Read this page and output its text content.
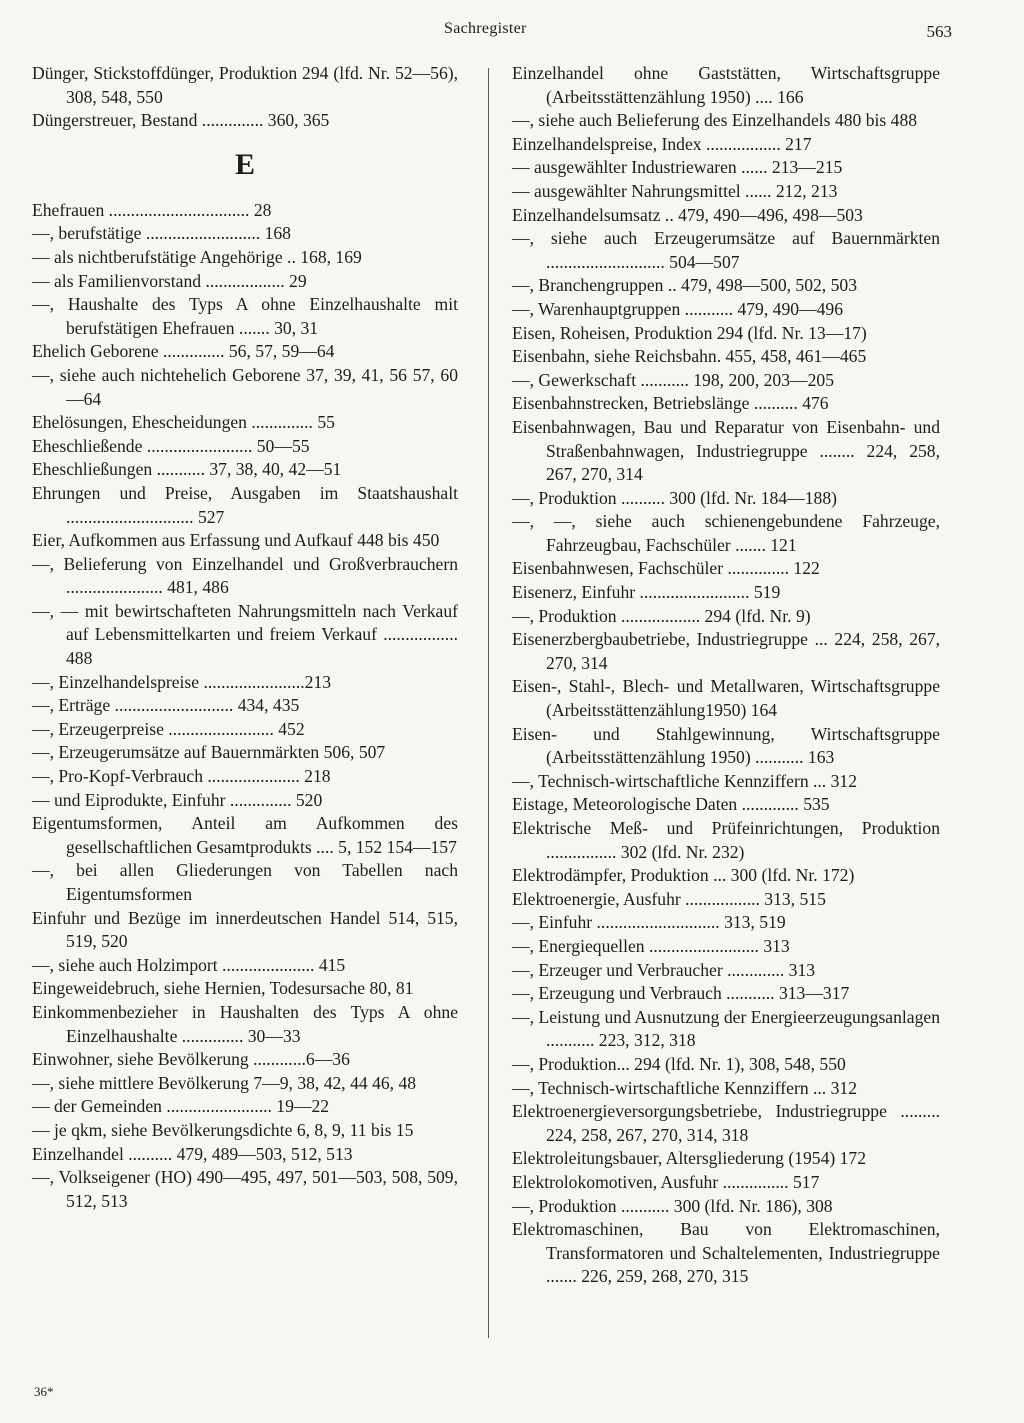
Sachregister	563
Dünger, Stickstoffdünger, Produktion 294 (lfd. Nr. 52—56), 308, 548, 550
Düngerstreuer, Bestand .............. 360, 365
E
Ehefrauen ................................ 28
—, berufstätige .......................... 168
— als nichtberufstätige Angehörige .. 168, 169
— als Familienvorstand .................. 29
—, Haushalte des Typs A ohne Einzelhaushalte mit berufstätigen Ehefrauen ....... 30, 31
Ehelich Geborene .............. 56, 57, 59—64
—, siehe auch nichtehelich Geborene 37, 39, 41, 56 57, 60—64
Ehelösungen, Ehescheidungen .............. 55
Eheschließende ........................ 50—55
Eheschließungen ........... 37, 38, 40, 42—51
Ehrungen und Preise, Ausgaben im Staatshaushalt ............................. 527
Eier, Aufkommen aus Erfassung und Aufkauf 448 bis 450
—, Belieferung von Einzelhandel und Großverbrauchern ...................... 481, 486
—, — mit bewirtschafteten Nahrungsmitteln nach Verkauf auf Lebensmittelkarten und freiem Verkauf ................. 488
—, Einzelhandelspreise .......................213
—, Erträge ........................... 434, 435
—, Erzeugerpreise ........................ 452
—, Erzeugerumsätze auf Bauernmärkten 506, 507
—, Pro-Kopf-Verbrauch ..................... 218
— und Eiprodukte, Einfuhr .............. 520
Eigentumsformen, Anteil am Aufkommen des gesellschaftlichen Gesamtprodukts .... 5, 152 154—157
—, bei allen Gliederungen von Tabellen nach Eigentumsformen
Einfuhr und Bezüge im innerdeutschen Handel 514, 515, 519, 520
—, siehe auch Holzimport ..................... 415
Eingeweidebruch, siehe Hernien, Todesursache 80, 81
Einkommenbezieher in Haushalten des Typs A ohne Einzelhaushalte .............. 30—33
Einwohner, siehe Bevölkerung ............6—36
—, siehe mittlere Bevölkerung 7—9, 38, 42, 44 46, 48
— der Gemeinden ........................ 19—22
— je qkm, siehe Bevölkerungsdichte 6, 8, 9, 11 bis 15
Einzelhandel .......... 479, 489—503, 512, 513
—, Volkseigener (HO) 490—495, 497, 501—503, 508, 509, 512, 513
Einzelhandel ohne Gaststätten, Wirtschaftsgruppe (Arbeitsstättenzählung 1950) .... 166
—, siehe auch Belieferung des Einzelhandels 480 bis 488
Einzelhandelspreise, Index ................. 217
— ausgewählter Industriewaren ...... 213—215
— ausgewählter Nahrungsmittel ...... 212, 213
Einzelhandelsumsatz .. 479, 490—496, 498—503
—, siehe auch Erzeugerumsätze auf Bauernmärkten ........................... 504—507
—, Branchengruppen .. 479, 498—500, 502, 503
—, Warenhauptgruppen ........... 479, 490—496
Eisen, Roheisen, Produktion 294 (lfd. Nr. 13—17)
Eisenbahn, siehe Reichsbahn. 455, 458, 461—465
—, Gewerkschaft ........... 198, 200, 203—205
Eisenbahnstrecken, Betriebslänge .......... 476
Eisenbahnwagen, Bau und Reparatur von Eisenbahn- und Straßenbahnwagen, Industriegruppe ........ 224, 258, 267, 270, 314
—, Produktion .......... 300 (lfd. Nr. 184—188)
—, —, siehe auch schienengebundene Fahrzeuge, Fahrzeugbau, Fachschüler ....... 121
Eisenbahnwesen, Fachschüler .............. 122
Eisenerz, Einfuhr ......................... 519
—, Produktion .................. 294 (lfd. Nr. 9)
Eisenerzbergbaubetriebe, Industriegruppe ... 224, 258, 267, 270, 314
Eisen-, Stahl-, Blech- und Metallwaren, Wirtschaftsgruppe (Arbeitsstättenzählung1950) 164
Eisen- und Stahlgewinnung, Wirtschaftsgruppe (Arbeitsstättenzählung 1950) ........... 163
—, Technisch-wirtschaftliche Kennziffern ... 312
Eistage, Meteorologische Daten ............. 535
Elektrische Meß- und Prüfeinrichtungen, Produktion ................ 302 (lfd. Nr. 232)
Elektrodämpfer, Produktion ... 300 (lfd. Nr. 172)
Elektroenergie, Ausfuhr ................. 313, 515
—, Einfuhr ............................ 313, 519
—, Energiequellen ......................... 313
—, Erzeuger und Verbraucher ............. 313
—, Erzeugung und Verbrauch ........... 313—317
—, Leistung und Ausnutzung der Energieerzeugungsanlagen ........... 223, 312, 318
—, Produktion... 294 (lfd. Nr. 1), 308, 548, 550
—, Technisch-wirtschaftliche Kennziffern ... 312
Elektroenergieversorgungsbetriebe, Industriegruppe ......... 224, 258, 267, 270, 314, 318
Elektroleitungsbauer, Altersgliederung (1954) 172
Elektrolokomotiven, Ausfuhr ............... 517
—, Produktion ........... 300 (lfd. Nr. 186), 308
Elektromaschinen, Bau von Elektromaschinen, Transformatoren und Schaltelementen, Industriegruppe ....... 226, 259, 268, 270, 315
36*
